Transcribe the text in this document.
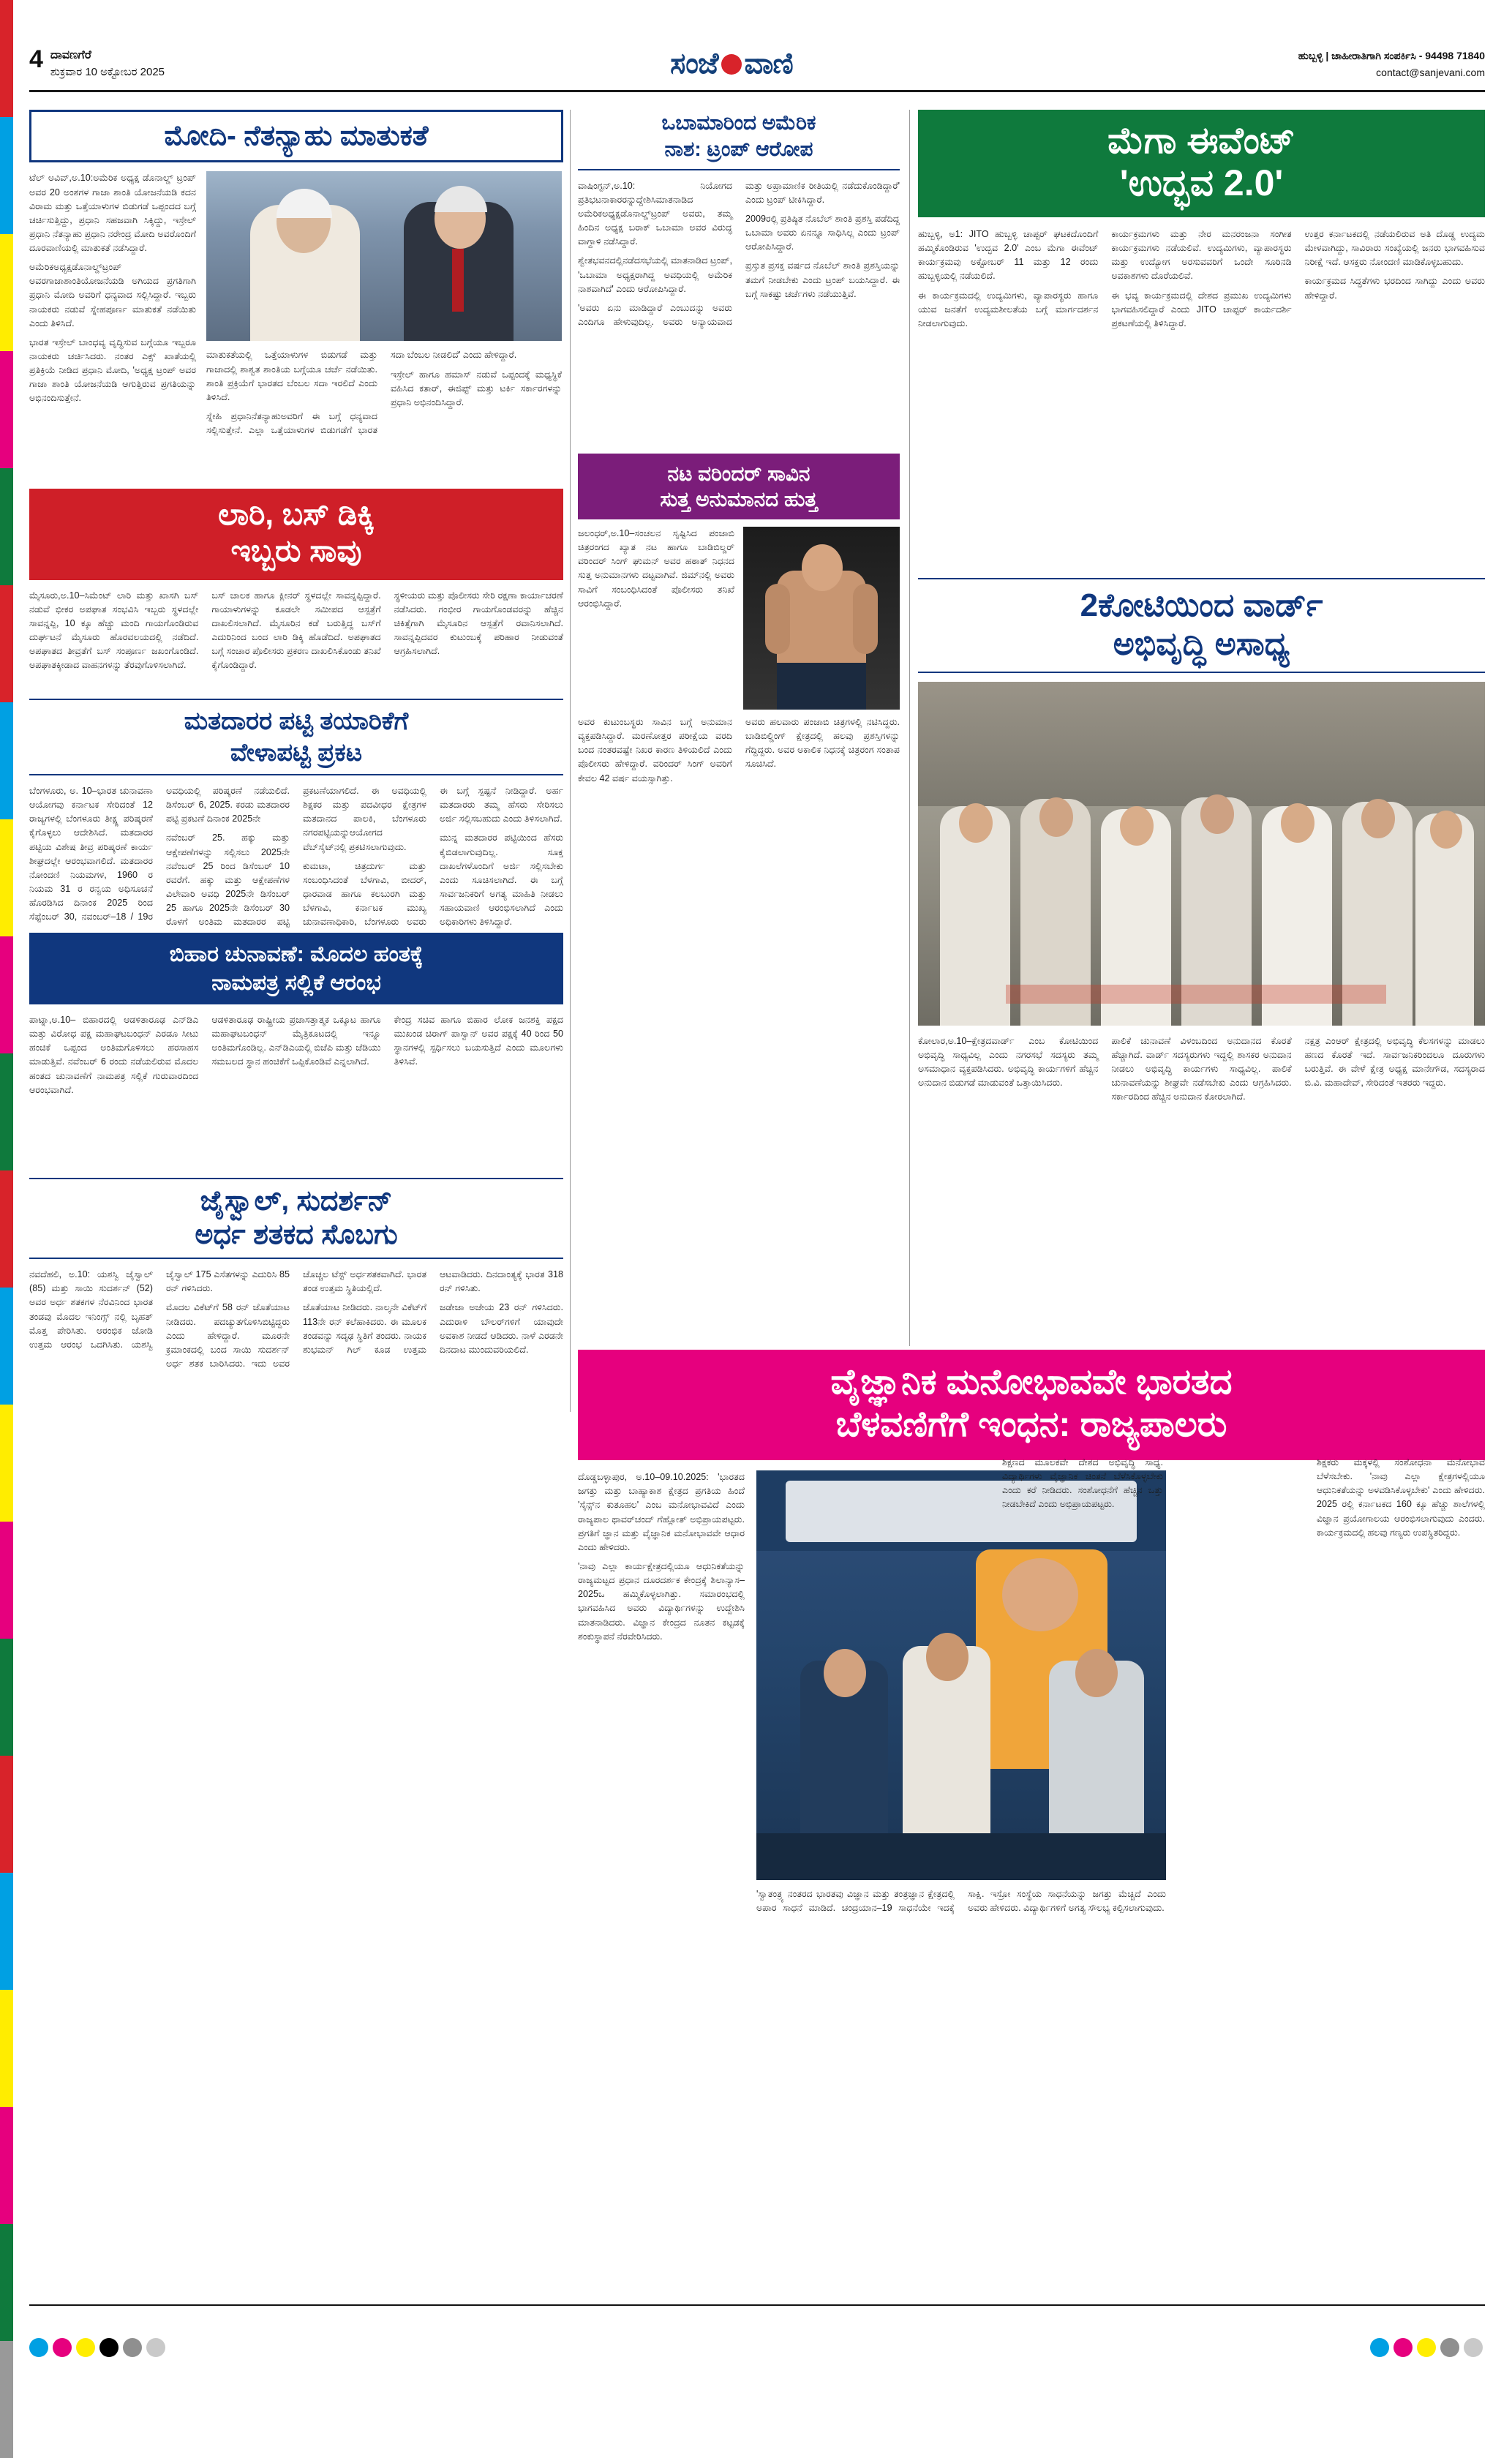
4 ದಾವಣಗೆರೆ
ಶುಕ್ರವಾರ 10 ಅಕ್ಟೋಬರ 2025	ಸಂಜೆ ವಾಣಿ	ಹುಬ್ಬಳ್ಳಿ | ಜಾಹೀರಾತಿಗಾಗಿ ಸಂಪರ್ಕಿಸಿ - 94498 71840
contact@sanjevani.com
ಮೋದಿ- ನೆತನ್ಯಾಹು ಮಾತುಕತೆ

ಟೆಲ್ ಅವಿವ್,ಅ.10:ಅಮೆರಿಕ ಅಧ್ಯಕ್ಷ ಡೊನಾಲ್ಡ್ ಟ್ರಂಪ್ ಅವರ 20 ಅಂಶಗಳ ಗಾಜಾ ಶಾಂತಿ ಯೋಜನೆಯಡಿ ಕದನ ವಿರಾಮ ಮತ್ತು ಒತ್ತೆಯಾಳುಗಳ ಬಿಡುಗಡೆ ಒಪ್ಪಂದದ ಬಗ್ಗೆ ಚರ್ಚಿಸುತ್ತಿದ್ದು, ಪ್ರಧಾನಿ ಸಹಜವಾಗಿ ಸಿಕ್ಕಿದ್ದು, ಇಸ್ರೇಲ್ ಪ್ರಧಾನಿ ನೆತನ್ಯಾಹು ಪ್ರಧಾನಿ ನರೇಂದ್ರ ಮೋದಿ ಅವರೊಂದಿಗೆ ದೂರವಾಣಿಯಲ್ಲಿ ಮಾತುಕತೆ ನಡೆಸಿದ್ದಾರೆ.

ಅಮೆರಿಕಅಧ್ಯಕ್ಷಡೊನಾಲ್ಡ್‌ಟ್ರಂಪ್ ಅವರಗಾಜಾಶಾಂತಿಯೋಜನೆಯಡಿ ಅಗಿಯದ ಪ್ರಗತಿಗಾಗಿ ಪ್ರಧಾನಿ ಮೋದಿ ಅವರಿಗೆ ಧನ್ಯವಾದ ಸಲ್ಲಿಸಿದ್ದಾರೆ. ಇಬ್ಬರು ನಾಯಕರು ನಡುವೆ ಸ್ನೇಹಪೂರ್ಣ ಮಾತುಕತೆ ನಡೆಯಿತು ಎಂದು ತಿಳಿಸಿದೆ.

ಭಾರತ ಇಸ್ರೇಲ್ ಬಾಂಧವ್ಯ ವೃದ್ಧಿಸುವ ಬಗ್ಗೆಯೂ ಇಬ್ಬರೂ ನಾಯಕರು ಚರ್ಚಿಸಿದರು. ನಂತರ ಎಕ್ಸ್ ಖಾತೆಯಲ್ಲಿ ಪ್ರತಿಕ್ರಿಯೆ ನೀಡಿದ ಪ್ರಧಾನಿ ಮೋದಿ, 'ಅಧ್ಯಕ್ಷ ಟ್ರಂಪ್ ಅವರ ಗಾಜಾ ಶಾಂತಿ ಯೋಜನೆಯಡಿ ಆಗುತ್ತಿರುವ ಪ್ರಗತಿಯನ್ನು ಅಭಿನಂದಿಸುತ್ತೇನೆ.

ಮಾತುಕತೆಯಲ್ಲಿ ಒತ್ತೆಯಾಳುಗಳ ಬಿಡುಗಡೆ ಮತ್ತು ಗಾಜಾದಲ್ಲಿ ಶಾಶ್ವತ ಶಾಂತಿಯ ಬಗ್ಗೆಯೂ ಚರ್ಚೆ ನಡೆಯಿತು. ಶಾಂತಿ ಪ್ರಕ್ರಿಯೆಗೆ ಭಾರತದ ಬೆಂಬಲ ಸದಾ ಇರಲಿದೆ ಎಂದು ತಿಳಿಸಿದೆ.

ಸ್ನೇಹಿ ಪ್ರಧಾನಿನೆತನ್ಯಾಹುಅವರಿಗೆ ಈ ಬಗ್ಗೆ ಧನ್ಯವಾದ ಸಲ್ಲಿಸುತ್ತೇನೆ. ಎಲ್ಲಾ ಒತ್ತೆಯಾಳುಗಳ ಬಿಡುಗಡೆಗೆ ಭಾರತ ಸದಾ ಬೆಂಬಲ ನೀಡಲಿದೆ' ಎಂದು ಹೇಳಿದ್ದಾರೆ.

ಇಸ್ರೇಲ್ ಹಾಗೂ ಹಮಾಸ್ ನಡುವೆ ಒಪ್ಪಂದಕ್ಕೆ ಮಧ್ಯಸ್ಥಿಕೆ ವಹಿಸಿದ ಕತಾರ್, ಈಜಿಪ್ಟ್ ಮತ್ತು ಟರ್ಕಿ ಸರ್ಕಾರಗಳನ್ನು ಪ್ರಧಾನಿ ಅಭಿನಂದಿಸಿದ್ದಾರೆ.

ಒಬಾಮಾರಿಂದ ಅಮೆರಿಕ
ನಾಶ: ಟ್ರಂಪ್ ಆರೋಪ

ವಾಷಿಂಗ್ಟನ್,ಅ.10: ನಿಯೋಗದ ಪ್ರತಿಭಟನಾಕಾರರನ್ನುದ್ದೇಶಿಸಿಮಾತನಾಡಿದ ಅಮೆರಿಕಅಧ್ಯಕ್ಷಡೊನಾಲ್ಡ್‌ಟ್ರಂಪ್ ಅವರು, ತಮ್ಮ ಹಿಂದಿನ ಅಧ್ಯಕ್ಷ ಬರಾಕ್ ಒಬಾಮಾ ಅವರ ವಿರುದ್ಧ ವಾಗ್ದಾಳಿ ನಡೆಸಿದ್ದಾರೆ.

ಶ್ವೇತಭವನದಲ್ಲಿನಡೆದಸಭೆಯಲ್ಲಿ ಮಾತನಾಡಿದ ಟ್ರಂಪ್, 'ಒಬಾಮಾ ಅಧ್ಯಕ್ಷರಾಗಿದ್ದ ಅವಧಿಯಲ್ಲಿ ಅಮೆರಿಕ ನಾಶವಾಗಿದೆ' ಎಂದು ಆರೋಪಿಸಿದ್ದಾರೆ.

'ಅವರು ಏನು ಮಾಡಿದ್ದಾರೆ ಎಂಬುದನ್ನು ಅವರು ಎಂದಿಗೂ ಹೇಳುವುದಿಲ್ಲ. ಅವರು ಅನ್ಯಾಯವಾದ ಮತ್ತು ಅಪ್ರಾಮಾಣಿಕ ರೀತಿಯಲ್ಲಿ ನಡೆದುಕೊಂಡಿದ್ದಾರೆ' ಎಂದು ಟ್ರಂಪ್ ಟೀಕಿಸಿದ್ದಾರೆ.

2009ರಲ್ಲಿ ಪ್ರತಿಷ್ಠಿತ ನೊಬೆಲ್ ಶಾಂತಿ ಪ್ರಶಸ್ತಿ ಪಡೆದಿದ್ದ ಒಬಾಮಾ ಅವರು ಏನನ್ನೂ ಸಾಧಿಸಿಲ್ಲ ಎಂದು ಟ್ರಂಪ್ ಆರೋಪಿಸಿದ್ದಾರೆ.

ಪ್ರಸ್ತುತ ಪ್ರಸಕ್ತ ವರ್ಷದ ನೊಬೆಲ್ ಶಾಂತಿ ಪ್ರಶಸ್ತಿಯನ್ನು ತಮಗೆ ನೀಡಬೇಕು ಎಂದು ಟ್ರಂಪ್ ಬಯಸಿದ್ದಾರೆ. ಈ ಬಗ್ಗೆ ಸಾಕಷ್ಟು ಚರ್ಚೆಗಳು ನಡೆಯುತ್ತಿವೆ.

ಮೆಗಾ ಈವೆಂಟ್
'ಉದ್ಭವ 2.0'

ಹುಬ್ಬಳ್ಳಿ, ಅ1: JITO ಹುಬ್ಬಳ್ಳಿ ಚಾಪ್ಟರ್ ಘಟಕದೊಂದಿಗೆ ಹಮ್ಮಿಕೊಂಡಿರುವ 'ಉದ್ಭವ 2.0' ಎಂಬ ಮೆಗಾ ಈವೆಂಟ್ ಕಾರ್ಯಕ್ರಮವು ಅಕ್ಟೋಬರ್ 11 ಮತ್ತು 12 ರಂದು ಹುಬ್ಬಳ್ಳಿಯಲ್ಲಿ ನಡೆಯಲಿದೆ.

ಈ ಕಾರ್ಯಕ್ರಮದಲ್ಲಿ ಉದ್ಯಮಿಗಳು, ವ್ಯಾಪಾರಸ್ಥರು ಹಾಗೂ ಯುವ ಜನತೆಗೆ ಉದ್ಯಮಶೀಲತೆಯ ಬಗ್ಗೆ ಮಾರ್ಗದರ್ಶನ ನೀಡಲಾಗುವುದು.

ಕಾರ್ಯಕ್ರಮಗಳು ಮತ್ತು ನೇರ ಮನರಂಜನಾ ಸಂಗೀತ ಕಾರ್ಯಕ್ರಮಗಳು ನಡೆಯಲಿವೆ. ಉದ್ಯಮಿಗಳು, ವ್ಯಾಪಾರಸ್ಥರು ಮತ್ತು ಉದ್ಯೋಗ ಅರಸುವವರಿಗೆ ಒಂದೇ ಸೂರಿನಡಿ ಅವಕಾಶಗಳು ದೊರೆಯಲಿವೆ.

ಈ ಭವ್ಯ ಕಾರ್ಯಕ್ರಮದಲ್ಲಿ ದೇಶದ ಪ್ರಮುಖ ಉದ್ಯಮಿಗಳು ಭಾಗವಹಿಸಲಿದ್ದಾರೆ ಎಂದು JITO ಚಾಪ್ಟರ್ ಕಾರ್ಯದರ್ಶಿ ಪ್ರಕಟಣೆಯಲ್ಲಿ ತಿಳಿಸಿದ್ದಾರೆ.

ಉತ್ತರ ಕರ್ನಾಟಕದಲ್ಲಿ ನಡೆಯಲಿರುವ ಅತಿ ದೊಡ್ಡ ಉದ್ಯಮ ಮೇಳವಾಗಿದ್ದು, ಸಾವಿರಾರು ಸಂಖ್ಯೆಯಲ್ಲಿ ಜನರು ಭಾಗವಹಿಸುವ ನಿರೀಕ್ಷೆ ಇದೆ. ಆಸಕ್ತರು ನೋಂದಣಿ ಮಾಡಿಕೊಳ್ಳಬಹುದು.

ಕಾರ್ಯಕ್ರಮದ ಸಿದ್ಧತೆಗಳು ಭರದಿಂದ ಸಾಗಿದ್ದು ಎಂದು ಅವರು ಹೇಳಿದ್ದಾರೆ.

2ಕೋಟಿಯಿಂದ ವಾರ್ಡ್
ಅಭಿವೃದ್ಧಿ ಅಸಾಧ್ಯ

ಕೋಲಾರ,ಅ.10–ಕ್ಷೇತ್ರದವಾರ್ಡ್ ಎಂಬ ಕೋಟಿಯಿಂದ ಅಭಿವೃದ್ಧಿ ಸಾಧ್ಯವಿಲ್ಲ ಎಂದು ನಗರಸಭೆ ಸದಸ್ಯರು ತಮ್ಮ ಅಸಮಾಧಾನ ವ್ಯಕ್ತಪಡಿಸಿದರು. ಅಭಿವೃದ್ಧಿ ಕಾರ್ಯಗಳಿಗೆ ಹೆಚ್ಚಿನ ಅನುದಾನ ಬಿಡುಗಡೆ ಮಾಡುವಂತೆ ಒತ್ತಾಯಿಸಿದರು.

ಪಾಲಿಕೆ ಚುನಾವಣೆ ವಿಳಂಬದಿಂದ ಅನುದಾನದ ಕೊರತೆ ಹೆಚ್ಚಾಗಿದೆ. ವಾರ್ಡ್ ಸದಸ್ಯರುಗಳು ಇದ್ದಲ್ಲಿ ಶಾಸಕರ ಅನುದಾನ ನೀಡಲು ಅಭಿವೃದ್ಧಿ ಕಾರ್ಯಗಳು ಸಾಧ್ಯವಿಲ್ಲ. ಪಾಲಿಕೆ ಚುನಾವಣೆಯನ್ನು ಶೀಘ್ರವೇ ನಡೆಸಬೇಕು ಎಂದು ಆಗ್ರಹಿಸಿದರು. ಸರ್ಕಾರದಿಂದ ಹೆಚ್ಚಿನ ಅನುದಾನ ಕೋರಲಾಗಿದೆ.

ನಕ್ಷತ್ರ ಎಂಆರ್ ಕ್ಷೇತ್ರದಲ್ಲಿ ಅಭಿವೃದ್ಧಿ ಕೆಲಸಗಳನ್ನು ಮಾಡಲು ಹಣದ ಕೊರತೆ ಇದೆ. ಸಾರ್ವಜನಿಕರಿಂದಲೂ ದೂರುಗಳು ಬರುತ್ತಿವೆ. ಈ ವೇಳೆ ಕ್ಷೇತ್ರ ಅಧ್ಯಕ್ಷ ಮಾನೇಗೌಡ, ಸದಸ್ಯರಾದ ಬಿ.ವಿ. ಮಹಾದೇವ್, ಸೇರಿದಂತೆ ಇತರರು ಇದ್ದರು.

ಲಾರಿ, ಬಸ್ ಡಿಕ್ಕಿ
ಇಬ್ಬರು ಸಾವು

ಮೈಸೂರು,ಅ.10–ಸಿಮೆಂಟ್ ಲಾರಿ ಮತ್ತು ಖಾಸಗಿ ಬಸ್ ನಡುವೆ ಭೀಕರ ಅಪಘಾತ ಸಂಭವಿಸಿ ಇಬ್ಬರು ಸ್ಥಳದಲ್ಲೇ ಸಾವನ್ನಪ್ಪಿ, 10 ಕ್ಕೂ ಹೆಚ್ಚು ಮಂದಿ ಗಾಯಗೊಂಡಿರುವ ದುರ್ಘಟನೆ ಮೈಸೂರು ಹೊರವಲಯದಲ್ಲಿ ನಡೆದಿದೆ. ಅಪಘಾತದ ತೀವ್ರತೆಗೆ ಬಸ್ ಸಂಪೂರ್ಣ ಜಖಂಗೊಂಡಿದೆ. ಅಪಘಾತಕ್ಕೀಡಾದ ವಾಹನಗಳನ್ನು ತೆರವುಗೊಳಿಸಲಾಗಿದೆ.

ಬಸ್ ಚಾಲಕ ಹಾಗೂ ಕ್ಲೀನರ್ ಸ್ಥಳದಲ್ಲೇ ಸಾವನ್ನಪ್ಪಿದ್ದಾರೆ. ಗಾಯಾಳುಗಳನ್ನು ಕೂಡಲೇ ಸಮೀಪದ ಆಸ್ಪತ್ರೆಗೆ ದಾಖಲಿಸಲಾಗಿದೆ. ಮೈಸೂರಿನ ಕಡೆ ಬರುತ್ತಿದ್ದ ಬಸ್‌ಗೆ ಎದುರಿನಿಂದ ಬಂದ ಲಾರಿ ಡಿಕ್ಕಿ ಹೊಡೆದಿದೆ. ಅಪಘಾತದ ಬಗ್ಗೆ ಸಂಚಾರ ಪೊಲೀಸರು ಪ್ರಕರಣ ದಾಖಲಿಸಿಕೊಂಡು ತನಿಖೆ ಕೈಗೊಂಡಿದ್ದಾರೆ.

ಸ್ಥಳೀಯರು ಮತ್ತು ಪೊಲೀಸರು ಸೇರಿ ರಕ್ಷಣಾ ಕಾರ್ಯಾಚರಣೆ ನಡೆಸಿದರು. ಗಂಭೀರ ಗಾಯಗೊಂಡವರನ್ನು ಹೆಚ್ಚಿನ ಚಿಕಿತ್ಸೆಗಾಗಿ ಮೈಸೂರಿನ ಆಸ್ಪತ್ರೆಗೆ ರವಾನಿಸಲಾಗಿದೆ. ಸಾವನ್ನಪ್ಪಿದವರ ಕುಟುಂಬಕ್ಕೆ ಪರಿಹಾರ ನೀಡುವಂತೆ ಆಗ್ರಹಿಸಲಾಗಿದೆ.

ಮತದಾರರ ಪಟ್ಟಿ ತಯಾರಿಕೆಗೆ
ವೇಳಾಪಟ್ಟಿ ಪ್ರಕಟ

ಬೆಂಗಳೂರು, ಅ. 10–ಭಾರತ ಚುನಾವಣಾ ಆಯೋಗವು ಕರ್ನಾಟಕ ಸೇರಿದಂತೆ 12 ರಾಜ್ಯಗಳಲ್ಲಿ ಬೆಂಗಳೂರು ತೀಕ್ಷ್ಣ ಪರಿಷ್ಕರಣೆ ಕೈಗೊಳ್ಳಲು ಆದೇಶಿಸಿದೆ. ಮತದಾರರ ಪಟ್ಟಿಯ ವಿಶೇಷ ತೀವ್ರ ಪರಿಷ್ಕರಣೆ ಕಾರ್ಯ ಶೀಘ್ರದಲ್ಲೇ ಆರಂಭವಾಗಲಿದೆ. ಮತದಾರರ ನೋಂದಣಿ ನಿಯಮಗಳ, 1960 ರ ನಿಯಮ 31 ರ ರನ್ವಯ ಅಧಿಸೂಚನೆ ಹೊರಡಿಸಿದ ದಿನಾಂಕ 2025 ರಿಂದ ಸೆಪ್ಟೆಂಬರ್ 30, ನವಂಬರ್–18 / 19ರ ಅವಧಿಯಲ್ಲಿ ಪರಿಷ್ಕರಣೆ ನಡೆಯಲಿದೆ. ಡಿಸೆಂಬರ್ 6, 2025. ಕರಡು ಮತದಾರರ ಪಟ್ಟಿ ಪ್ರಕಟಣೆ ದಿನಾಂಕ 2025ನೇ

ನವೆಂಬರ್ 25. ಹಕ್ಕು ಮತ್ತು ಆಕ್ಷೇಪಣೆಗಳನ್ನು ಸಲ್ಲಿಸಲು 2025ನೇ ನವೆಂಬರ್ 25 ರಿಂದ ಡಿಸೆಂಬರ್ 10 ರವರೆಗೆ. ಹಕ್ಕು ಮತ್ತು ಆಕ್ಷೇಪಣೆಗಳ ವಿಲೇವಾರಿ ಅವಧಿ 2025ನೇ ಡಿಸೆಂಬರ್ 25 ಹಾಗೂ 2025ನೇ ಡಿಸೆಂಬರ್ 30 ರೊಳಗೆ ಅಂತಿಮ ಮತದಾರರ ಪಟ್ಟಿ ಪ್ರಕಟಣೆಯಾಗಲಿದೆ. ಈ ಅವಧಿಯಲ್ಲಿ ಶಿಕ್ಷಕರ ಮತ್ತು ಪದವೀಧರ ಕ್ಷೇತ್ರಗಳ ಮತದಾನದ ಪಾಲಕಿ, ಬೆಂಗಳೂರು ನಗರಪಟ್ಟಿಯನ್ನುಆಯೋಗದ ವೆಬ್‌ಸೈಟ್‌ನಲ್ಲಿ ಪ್ರಕಟಿಸಲಾಗುವುದು.

ಕುಮಟಾ, ಚಿತ್ರದುರ್ಗ ಮತ್ತು ಸಂಬಂಧಿಸಿದಂತೆ ಬೆಳಗಾವಿ, ಬೀದರ್, ಧಾರವಾಡ ಹಾಗೂ ಕಲಬುರಗಿ ಮತ್ತು ಬೆಳಗಾವಿ, ಕರ್ನಾಟಕ ಮುಖ್ಯ ಚುನಾವಣಾಧಿಕಾರಿ, ಬೆಂಗಳೂರು ಅವರು ಈ ಬಗ್ಗೆ ಸ್ಪಷ್ಟನೆ ನೀಡಿದ್ದಾರೆ. ಅರ್ಹ ಮತದಾರರು ತಮ್ಮ ಹೆಸರು ಸೇರಿಸಲು ಅರ್ಜಿ ಸಲ್ಲಿಸಬಹುದು ಎಂದು ತಿಳಿಸಲಾಗಿದೆ.

ಮುನ್ನ ಮತದಾರರ ಪಟ್ಟಿಯಿಂದ ಹೆಸರು ಕೈಬಿಡಲಾಗುವುದಿಲ್ಲ. ಸೂಕ್ತ ದಾಖಲೆಗಳೊಂದಿಗೆ ಅರ್ಜಿ ಸಲ್ಲಿಸಬೇಕು ಎಂದು ಸೂಚಿಸಲಾಗಿದೆ. ಈ ಬಗ್ಗೆ ಸಾರ್ವಜನಿಕರಿಗೆ ಅಗತ್ಯ ಮಾಹಿತಿ ನೀಡಲು ಸಹಾಯವಾಣಿ ಆರಂಭಿಸಲಾಗಿದೆ ಎಂದು ಅಧಿಕಾರಿಗಳು ತಿಳಿಸಿದ್ದಾರೆ.

ನಟ ವರಿಂದರ್ ಸಾವಿನ
ಸುತ್ತ ಅನುಮಾನದ ಹುತ್ತ

ಜಲಂಧರ್,ಅ.10–ಸಂಚಲನ ಸೃಷ್ಟಿಸಿದ ಪಂಜಾಬಿ ಚಿತ್ರರಂಗದ ಖ್ಯಾತ ನಟ ಹಾಗೂ ಬಾಡಿಬಿಲ್ಡರ್ ವರಿಂದರ್ ಸಿಂಗ್ ಘುಮನ್ ಅವರ ಹಠಾತ್ ನಿಧನದ ಸುತ್ತ ಅನುಮಾನಗಳು ದಟ್ಟವಾಗಿವೆ. ಜಿಮ್‌ನಲ್ಲಿ ಅವರು ಸಾವಿಗೆ ಸಂಬಂಧಿಸಿದಂತೆ ಪೊಲೀಸರು ತನಿಖೆ ಆರಂಭಿಸಿದ್ದಾರೆ.

ಅವರ ಕುಟುಂಬಸ್ಥರು ಸಾವಿನ ಬಗ್ಗೆ ಅನುಮಾನ ವ್ಯಕ್ತಪಡಿಸಿದ್ದಾರೆ. ಮರಣೋತ್ತರ ಪರೀಕ್ಷೆಯ ವರದಿ ಬಂದ ನಂತರವಷ್ಟೇ ನಿಖರ ಕಾರಣ ತಿಳಿಯಲಿದೆ ಎಂದು ಪೊಲೀಸರು ಹೇಳಿದ್ದಾರೆ. ವರಿಂದರ್ ಸಿಂಗ್ ಅವರಿಗೆ ಕೇವಲ 42 ವರ್ಷ ವಯಸ್ಸಾಗಿತ್ತು.

ಅವರು ಹಲವಾರು ಪಂಜಾಬಿ ಚಿತ್ರಗಳಲ್ಲಿ ನಟಿಸಿದ್ದರು. ಬಾಡಿಬಿಲ್ಡಿಂಗ್ ಕ್ಷೇತ್ರದಲ್ಲಿ ಹಲವು ಪ್ರಶಸ್ತಿಗಳನ್ನು ಗೆದ್ದಿದ್ದರು. ಅವರ ಅಕಾಲಿಕ ನಿಧನಕ್ಕೆ ಚಿತ್ರರಂಗ ಸಂತಾಪ ಸೂಚಿಸಿದೆ.

ಬಿಹಾರ ಚುನಾವಣೆ: ಮೊದಲ ಹಂತಕ್ಕೆ
ನಾಮಪತ್ರ ಸಲ್ಲಿಕೆ ಆರಂಭ

ಪಾಟ್ನಾ,ಅ.10– ಬಿಹಾರದಲ್ಲಿ ಆಡಳಿತಾರೂಢ ಎನ್‌ಡಿಎ ಮತ್ತು ವಿರೋಧ ಪಕ್ಷ ಮಹಾಘಟಬಂಧನ್ ಎರಡೂ ಸೀಟು ಹಂಚಿಕೆ ಒಪ್ಪಂದ ಅಂತಿಮಗೊಳಿಸಲು ಹರಸಾಹಸ ಮಾಡುತ್ತಿವೆ. ನವೆಂಬರ್ 6 ರಂದು ನಡೆಯಲಿರುವ ಮೊದಲ ಹಂತದ ಚುನಾವಣೆಗೆ ನಾಮಪತ್ರ ಸಲ್ಲಿಕೆ ಗುರುವಾರದಿಂದ ಆರಂಭವಾಗಿದೆ.

ಆಡಳಿತಾರೂಢ ರಾಷ್ಟ್ರೀಯ ಪ್ರಜಾಸತ್ತಾತ್ಮಕ ಒಕ್ಕೂಟ ಹಾಗೂ ಮಹಾಘಟಬಂಧನ್ ಮೈತ್ರಿಕೂಟದಲ್ಲಿ ಇನ್ನೂ ಅಂತಿಮಗೊಂಡಿಲ್ಲ. ಎನ್‌ಡಿಎಯಲ್ಲಿ ಬಿಜೆಪಿ ಮತ್ತು ಜೆಡಿಯು ಸಮಬಲದ ಸ್ಥಾನ ಹಂಚಿಕೆಗೆ ಒಪ್ಪಿಕೊಂಡಿವೆ ಎನ್ನಲಾಗಿದೆ.

ಕೇಂದ್ರ ಸಚಿವ ಹಾಗೂ ಬಿಹಾರ ಲೋಕ ಜನಶಕ್ತಿ ಪಕ್ಷದ ಮುಖಂಡ ಚಿರಾಗ್ ಪಾಸ್ವಾನ್ ಅವರ ಪಕ್ಷಕ್ಕೆ 40 ರಿಂದ 50 ಸ್ಥಾನಗಳಲ್ಲಿ ಸ್ಪರ್ಧಿಸಲು ಬಯಸುತ್ತಿದೆ ಎಂದು ಮೂಲಗಳು ತಿಳಿಸಿವೆ.

ಜೈಸ್ವಾಲ್, ಸುದರ್ಶನ್
ಅರ್ಧ ಶತಕದ ಸೊಬಗು

ನವದೆಹಲಿ, ಅ.10: ಯಶಸ್ವಿ ಜೈಸ್ವಾಲ್ (85) ಮತ್ತು ಸಾಯಿ ಸುದರ್ಶನ್ (52) ಅವರ ಅರ್ಧ ಶತಕಗಳ ನೆರವಿನಿಂದ ಭಾರತ ತಂಡವು ಮೊದಲ ಇನಿಂಗ್ಸ್ ನಲ್ಲಿ ಬೃಹತ್ ಮೊತ್ತ ಪೇರಿಸಿತು. ಆರಂಭಿಕ ಜೋಡಿ ಉತ್ತಮ ಆರಂಭ ಒದಗಿಸಿತು. ಯಶಸ್ವಿ ಜೈಸ್ವಾಲ್ 175 ಎಸೆತಗಳನ್ನು ಎದುರಿಸಿ 85 ರನ್ ಗಳಿಸಿದರು.

ಮೊದಲ ವಿಕೆಟ್‌ಗೆ 58 ರನ್ ಜೊತೆಯಾಟ ನೀಡಿದರು. ಪದಚ್ಯುತಗೊಳಿಸಿಬಿಟ್ಟಿದ್ದರು ಎಂದು ಹೇಳಿದ್ದಾರೆ. ಮೂರನೇ ಕ್ರಮಾಂಕದಲ್ಲಿ ಬಂದ ಸಾಯಿ ಸುದರ್ಶನ್ ಅರ್ಧ ಶತಕ ಬಾರಿಸಿದರು. ಇದು ಅವರ ಚೊಚ್ಚಲ ಟೆಸ್ಟ್ ಅರ್ಧಶತಕವಾಗಿದೆ. ಭಾರತ ತಂಡ ಉತ್ತಮ ಸ್ಥಿತಿಯಲ್ಲಿದೆ.

ಜೊತೆಯಾಟ ನೀಡಿದರು. ನಾಲ್ಕನೇ ವಿಕೆಟ್‌ಗೆ 113ನೇ ರನ್ ಕಲೆಹಾಕಿದರು. ಈ ಮೂಲಕ ತಂಡವನ್ನು ಸದೃಢ ಸ್ಥಿತಿಗೆ ತಂದರು. ನಾಯಕ ಶುಭಮನ್ ಗಿಲ್ ಕೂಡ ಉತ್ತಮ ಆಟವಾಡಿದರು. ದಿನದಾಂತ್ಯಕ್ಕೆ ಭಾರತ 318 ರನ್ ಗಳಿಸಿತು.

ಜಡೇಜಾ ಅಜೇಯ 23 ರನ್ ಗಳಿಸಿದರು. ಎದುರಾಳಿ ಬೌಲರ್‌ಗಳಿಗೆ ಯಾವುದೇ ಅವಕಾಶ ನೀಡದೆ ಆಡಿದರು. ನಾಳೆ ಎರಡನೇ ದಿನದಾಟ ಮುಂದುವರಿಯಲಿದೆ.

ವೈಜ್ಞಾನಿಕ ಮನೋಭಾವವೇ ಭಾರತದ
ಬೆಳವಣಿಗೆಗೆ ಇಂಧನ: ರಾಜ್ಯಪಾಲರು

ದೊಡ್ಡಬಳ್ಳಾಪುರ, ಅ.10–09.10.2025: 'ಭಾರತದ ಜಗತ್ತು ಮತ್ತು ಬಾಹ್ಯಾಕಾಶ ಕ್ಷೇತ್ರದ ಪ್ರಗತಿಯ ಹಿಂದೆ 'ಸೈನ್ಸ್‌ನ ಕುತೂಹಲ' ಎಂಬ ಮನೋಭಾವವಿದೆ ಎಂದು ರಾಜ್ಯಪಾಲ ಥಾವರ್‌ಚಂದ್ ಗೆಹ್ಲೋತ್ ಅಭಿಪ್ರಾಯಪಟ್ಟರು. ಪ್ರಗತಿಗೆ ಜ್ಞಾನ ಮತ್ತು ವೈಜ್ಞಾನಿಕ ಮನೋಭಾವವೇ ಆಧಾರ ಎಂದು ಹೇಳಿದರು.

'ನಾವು ಎಲ್ಲಾ ಕಾರ್ಯಕ್ಷೇತ್ರದಲ್ಲಿಯೂ ಆಧುನಿಕತೆಯನ್ನು ರಾಜ್ಯಮಟ್ಟದ ಪ್ರಧಾನ ದೂರದರ್ಶಕ ಕೇಂದ್ರಕ್ಕೆ ಶಿಲಾನ್ಯಾಸ–2025ಒ ಹಮ್ಮಿಕೊಳ್ಳಲಾಗಿತ್ತು. ಸಮಾರಂಭದಲ್ಲಿ ಭಾಗವಹಿಸಿದ ಅವರು ವಿದ್ಯಾರ್ಥಿಗಳನ್ನು ಉದ್ದೇಶಿಸಿ ಮಾತನಾಡಿದರು. ವಿಜ್ಞಾನ ಕೇಂದ್ರದ ನೂತನ ಕಟ್ಟಡಕ್ಕೆ ಶಂಕುಸ್ಥಾಪನೆ ನೆರವೇರಿಸಿದರು.

'ಸ್ವಾತಂತ್ರ್ಯ ನಂತರದ ಭಾರತವು ವಿಜ್ಞಾನ ಮತ್ತು ತಂತ್ರಜ್ಞಾನ ಕ್ಷೇತ್ರದಲ್ಲಿ ಅಪಾರ ಸಾಧನೆ ಮಾಡಿದೆ. ಚಂದ್ರಯಾನ–19 ಸಾಧನೆಯೇ ಇದಕ್ಕೆ ಸಾಕ್ಷಿ. ಇಸ್ರೋ ಸಂಸ್ಥೆಯ ಸಾಧನೆಯನ್ನು ಜಗತ್ತು ಮೆಚ್ಚಿದೆ ಎಂದು ಅವರು ಹೇಳಿದರು. ವಿದ್ಯಾರ್ಥಿಗಳಿಗೆ ಅಗತ್ಯ ಸೌಲಭ್ಯ ಕಲ್ಪಿಸಲಾಗುವುದು.

ಶಿಕ್ಷಣದ ಮೂಲಕವೇ ದೇಶದ ಅಭಿವೃದ್ಧಿ ಸಾಧ್ಯ. ವಿದ್ಯಾರ್ಥಿಗಳು ವೈಜ್ಞಾನಿಕ ಚಿಂತನೆ ಬೆಳೆಸಿಕೊಳ್ಳಬೇಕು ಎಂದು ಕರೆ ನೀಡಿದರು. ಸಂಶೋಧನೆಗೆ ಹೆಚ್ಚಿನ ಒತ್ತು ನೀಡಬೇಕಿದೆ ಎಂದು ಅಭಿಪ್ರಾಯಪಟ್ಟರು.

ಶಿಕ್ಷಕರು ಮಕ್ಕಳಲ್ಲಿ ಸಂಶೋಧನಾ ಮನೋಭಾವ ಬೆಳೆಸಬೇಕು. 'ನಾವು ಎಲ್ಲಾ ಕ್ಷೇತ್ರಗಳಲ್ಲಿಯೂ ಆಧುನಿಕತೆಯನ್ನು ಅಳವಡಿಸಿಕೊಳ್ಳಬೇಕು' ಎಂದು ಹೇಳಿದರು. 2025 ರಲ್ಲಿ ಕರ್ನಾಟಕದ 160 ಕ್ಕೂ ಹೆಚ್ಚು ಶಾಲೆಗಳಲ್ಲಿ ವಿಜ್ಞಾನ ಪ್ರಯೋಗಾಲಯ ಆರಂಭಿಸಲಾಗುವುದು ಎಂದರು. ಕಾರ್ಯಕ್ರಮದಲ್ಲಿ ಹಲವು ಗಣ್ಯರು ಉಪಸ್ಥಿತರಿದ್ದರು.
